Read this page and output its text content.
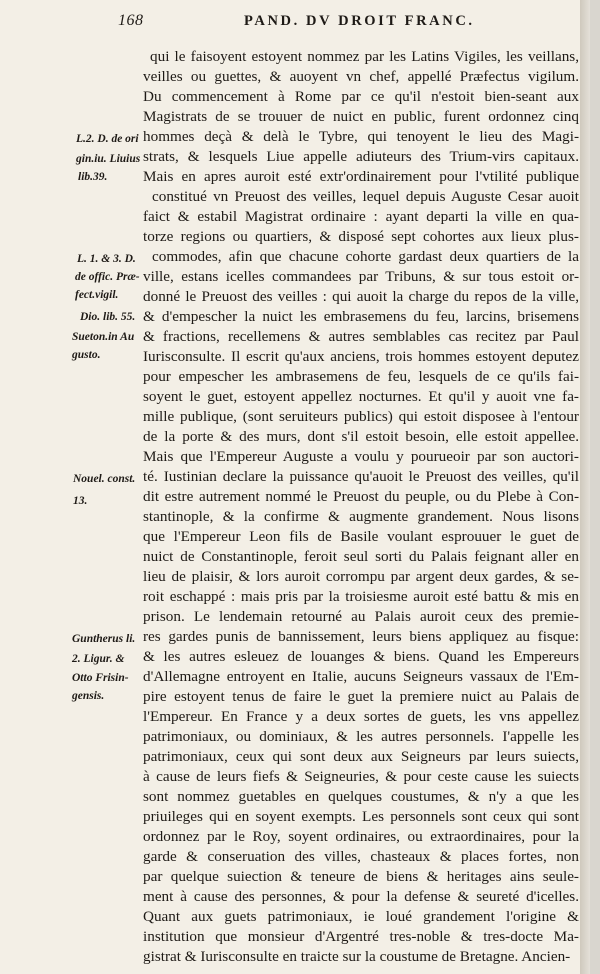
168	PAND. DV DROIT FRANC.
qui le faisoyent estoyent nommez par les Latins Vigiles, les veillans,
veilles ou guettes, & auoyent vn chef, appellé Præfectus vigilum.
Du commencement à Rome par ce qu'il n'estoit bien-seant aux
Magistrats de se trouuer de nuict en public, furent ordonnez cinq
hommes deçà & delà le Tybre, qui tenoyent le lieu des Magi-
strats, & lesquels Liue appelle adiuteurs des Trium-virs capitaux.
Mais en apres auroit esté extr'ordinairement pour l'vtilité publique
constitué vn Preuost des veilles, lequel depuis Auguste Cesar auoit
faict & estabil Magistrat ordinaire : ayant departi la ville en qua-
torze regions ou quartiers, & disposé sept cohortes aux lieux plus-
commodes, afin que chacune cohorte gardast deux quartiers de la
ville, estans icelles commandees par Tribuns, & sur tous estoit or-
donné le Preuost des veilles : qui auoit la charge du repos de la ville,
& d'empescher la nuict les embrasemens du feu, larcins, brisemens
& fractions, recellemens & autres semblables cas recitez par Paul
Iurisconsulte. Il escrit qu'aux anciens, trois hommes estoyent deputez
pour empescher les ambrasemens de feu, lesquels de ce qu'ils fai-
soyent le guet, estoyent appellez nocturnes. Et qu'il y auoit vne fa-
mille publique, (sont seruiteurs publics) qui estoit disposee à l'entour
de la porte & des murs, dont s'il estoit besoin, elle estoit appellee.
Mais que l'Empereur Auguste a voulu y pourueoir par son auctori-
té. Iustinian declare la puissance qu'auoit le Preuost des veilles, qu'il
dit estre autrement nommé le Preuost du peuple, ou du Plebe à Con-
stantinople, & la confirme & augmente grandement. Nous lisons
que l'Empereur Leon fils de Basile voulant esprouuer le guet de
nuict de Constantinople, feroit seul sorti du Palais feignant aller en
lieu de plaisir, & lors auroit corrompu par argent deux gardes, & se-
roit eschappé : mais pris par la troisiesme auroit esté battu & mis en
prison. Le lendemain retourné au Palais auroit ceux des premie-
res gardes punis de bannissement, leurs biens appliquez au fisque:
& les autres esleuez de louanges & biens. Quand les Empereurs
d'Allemagne entroyent en Italie, aucuns Seigneurs vassaux de l'Em-
pire estoyent tenus de faire le guet la premiere nuict au Palais de
l'Empereur. En France y a deux sortes de guets, les vns appellez
patrimoniaux, ou dominiaux, & les autres personnels. I'appelle les
patrimoniaux, ceux qui sont deux aux Seigneurs par leurs suiects,
à cause de leurs fiefs & Seigneuries, & pour ceste cause les suiects
sont nommez guetables en quelques coustumes, & n'y a que les
priuileges qui en soyent exempts. Les personnels sont ceux qui sont
ordonnez par le Roy, soyent ordinaires, ou extraordinaires, pour la
garde & conseruation des villes, chasteaux & places fortes, non
par quelque suiection & teneure de biens & heritages ains seule-
ment à cause des personnes, & pour la defense & seureté d'icelles.
Quant aux guets patrimoniaux, ie loué grandement l'origine &
institution que monsieur d'Argentré tres-noble & tres-docte Ma-
gistrat & Iurisconsulte en traicte sur la coustume de Bretagne. Ancien-
L.2. D. de ori
gin.iu. Liuius
lib.39.
L. 1. & 3. D.
de offic. Præ-
fect.vigil.
Dio. lib. 55.
Sueton.in Au
gusto.
Nouel. const.
13.
Guntherus li.
2. Ligur. &
Otto Frisin-
gensis.
